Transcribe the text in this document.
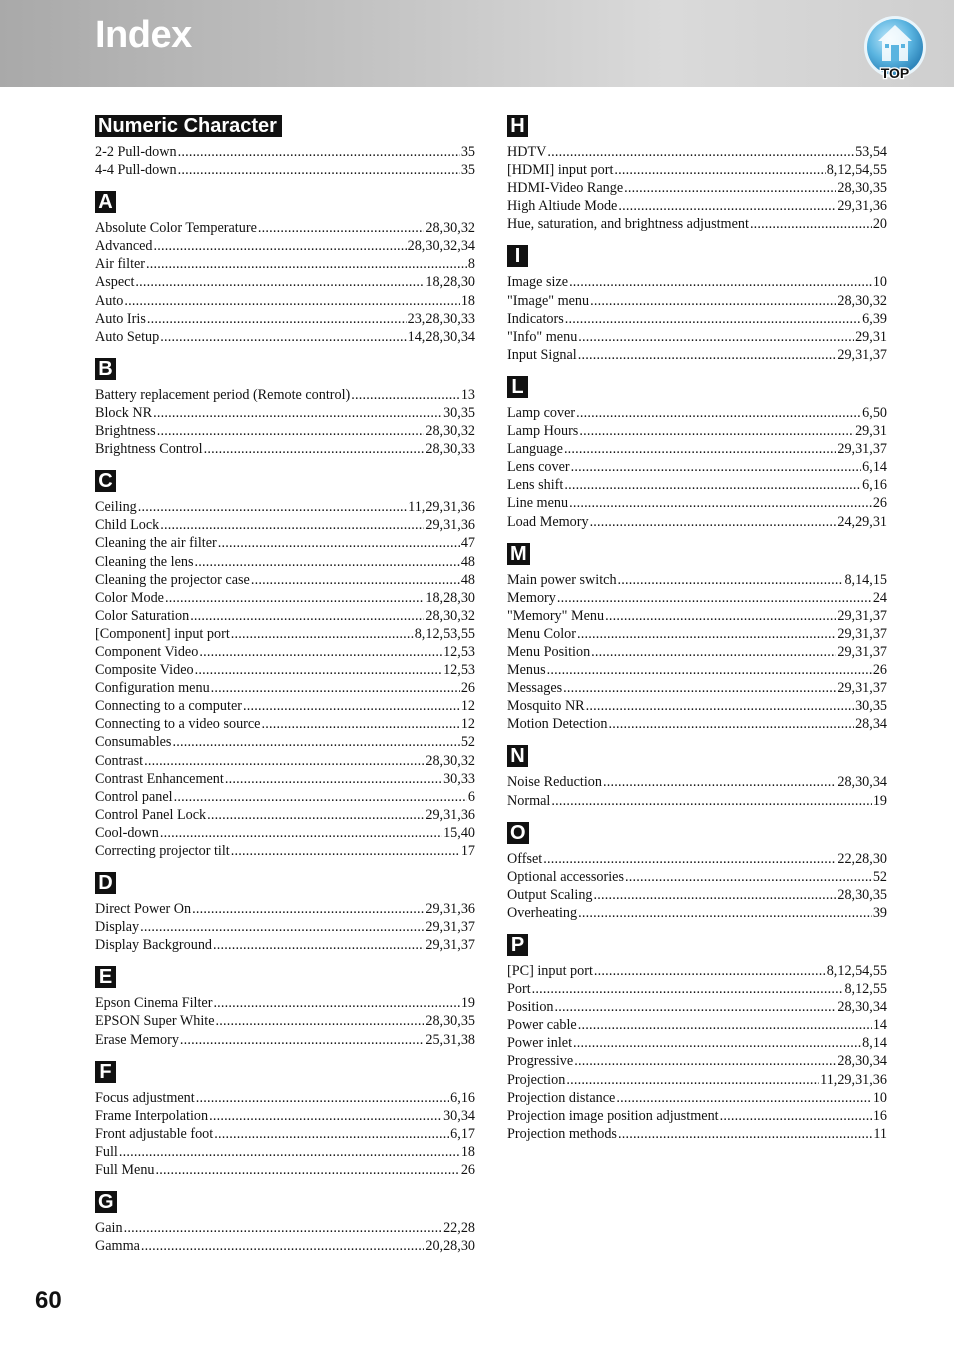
Index
TOP
Numeric Character
2-2 Pull-down .....	35
4-4 Pull-down .....	35
A
Absolute Color Temperature .....	28,30,32
Advanced .....	28,30,32,34
Air filter .....	8
Aspect .....	18,28,30
Auto .....	18
Auto Iris .....	23,28,30,33
Auto Setup .....	14,28,30,34
B
Battery replacement period (Remote control) .....	13
Block NR .....	30,35
Brightness .....	28,30,32
Brightness Control .....	28,30,33
C
Ceiling .....	11,29,31,36
Child Lock .....	29,31,36
Cleaning the air filter .....	47
Cleaning the lens .....	48
Cleaning the projector case .....	48
Color Mode .....	18,28,30
Color Saturation .....	28,30,32
[Component] input port .....	8,12,53,55
Component Video .....	12,53
Composite Video .....	12,53
Configuration menu .....	26
Connecting to a computer .....	12
Connecting to a video source .....	12
Consumables .....	52
Contrast .....	28,30,32
Contrast Enhancement .....	30,33
Control panel .....	6
Control Panel Lock .....	29,31,36
Cool-down .....	15,40
Correcting projector tilt .....	17
D
Direct Power On .....	29,31,36
Display .....	29,31,37
Display Background .....	29,31,37
E
Epson Cinema Filter .....	19
EPSON Super White .....	28,30,35
Erase Memory .....	25,31,38
F
Focus adjustment .....	6,16
Frame Interpolation .....	30,34
Front adjustable foot .....	6,17
Full .....	18
Full Menu .....	26
G
Gain .....	22,28
Gamma .....	20,28,30
H
HDTV .....	53,54
[HDMI] input port .....	8,12,54,55
HDMI-Video Range .....	28,30,35
High Altiude Mode .....	29,31,36
Hue, saturation, and brightness adjustment .....	20
I
Image size .....	10
"Image" menu .....	28,30,32
Indicators .....	6,39
"Info" menu .....	29,31
Input Signal .....	29,31,37
L
Lamp cover .....	6,50
Lamp Hours .....	29,31
Language .....	29,31,37
Lens cover .....	6,14
Lens shift .....	6,16
Line menu .....	26
Load Memory .....	24,29,31
M
Main power switch .....	8,14,15
Memory .....	24
"Memory" Menu .....	29,31,37
Menu Color .....	29,31,37
Menu Position .....	29,31,37
Menus .....	26
Messages .....	29,31,37
Mosquito NR .....	30,35
Motion Detection .....	28,34
N
Noise Reduction .....	28,30,34
Normal .....	19
O
Offset .....	22,28,30
Optional accessories .....	52
Output Scaling .....	28,30,35
Overheating .....	39
P
[PC] input port .....	8,12,54,55
Port .....	8,12,55
Position .....	28,30,34
Power cable .....	14
Power inlet .....	8,14
Progressive .....	28,30,34
Projection .....	11,29,31,36
Projection distance .....	10
Projection image position adjustment .....	16
Projection methods .....	11
60
